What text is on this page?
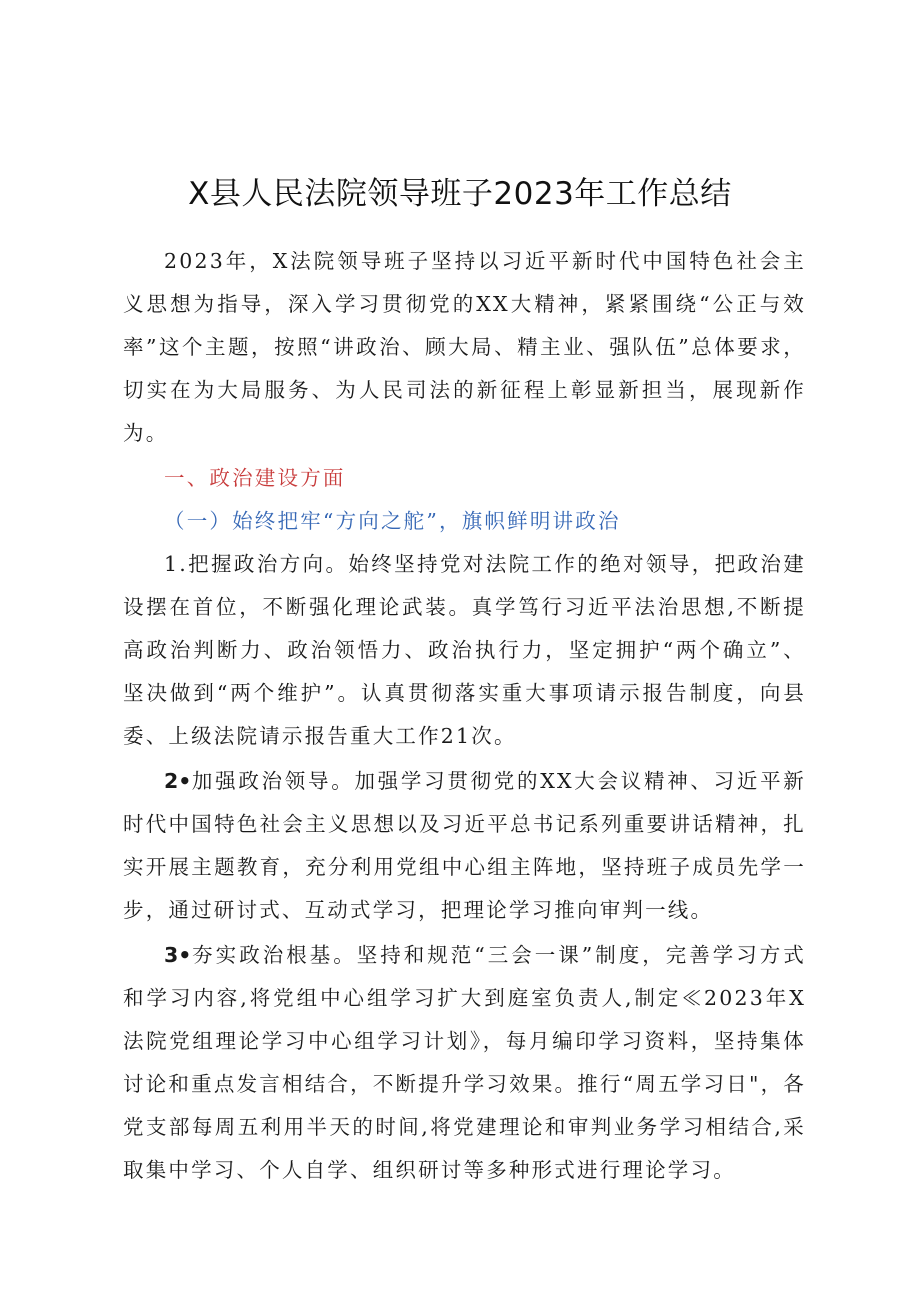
X县人民法院领导班子2023年工作总结

2023年，X法院领导班子坚持以习近平新时代中国特色社会主义思想为指导，深入学习贯彻党的XX大精神，紧紧围绕“公正与效率”这个主题，按照“讲政治、顾大局、精主业、强队伍”总体要求，切实在为大局服务、为人民司法的新征程上彰显新担当，展现新作为。

一、政治建设方面

（一）始终把牢“方向之舵”，旗帜鲜明讲政治

1.把握政治方向。始终坚持党对法院工作的绝对领导，把政治建设摆在首位，不断强化理论武装。真学笃行习近平法治思想,不断提高政治判断力、政治领悟力、政治执行力，坚定拥护“两个确立”、坚决做到“两个维护”。认真贯彻落实重大事项请示报告制度，向县委、上级法院请示报告重大工作21次。

2•加强政治领导。加强学习贯彻党的XX大会议精神、习近平新时代中国特色社会主义思想以及习近平总书记系列重要讲话精神，扎实开展主题教育，充分利用党组中心组主阵地，坚持班子成员先学一步，通过研讨式、互动式学习，把理论学习推向审判一线。

3•夯实政治根基。坚持和规范“三会一课”制度，完善学习方式和学习内容,将党组中心组学习扩大到庭室负责人,制定≪2023年X法院党组理论学习中心组学习计划》，每月编印学习资料，坚持集体讨论和重点发言相结合，不断提升学习效果。推行“周五学习日"，各党支部每周五利用半天的时间,将党建理论和审判业务学习相结合,采取集中学习、个人自学、组织研讨等多种形式进行理论学习。
